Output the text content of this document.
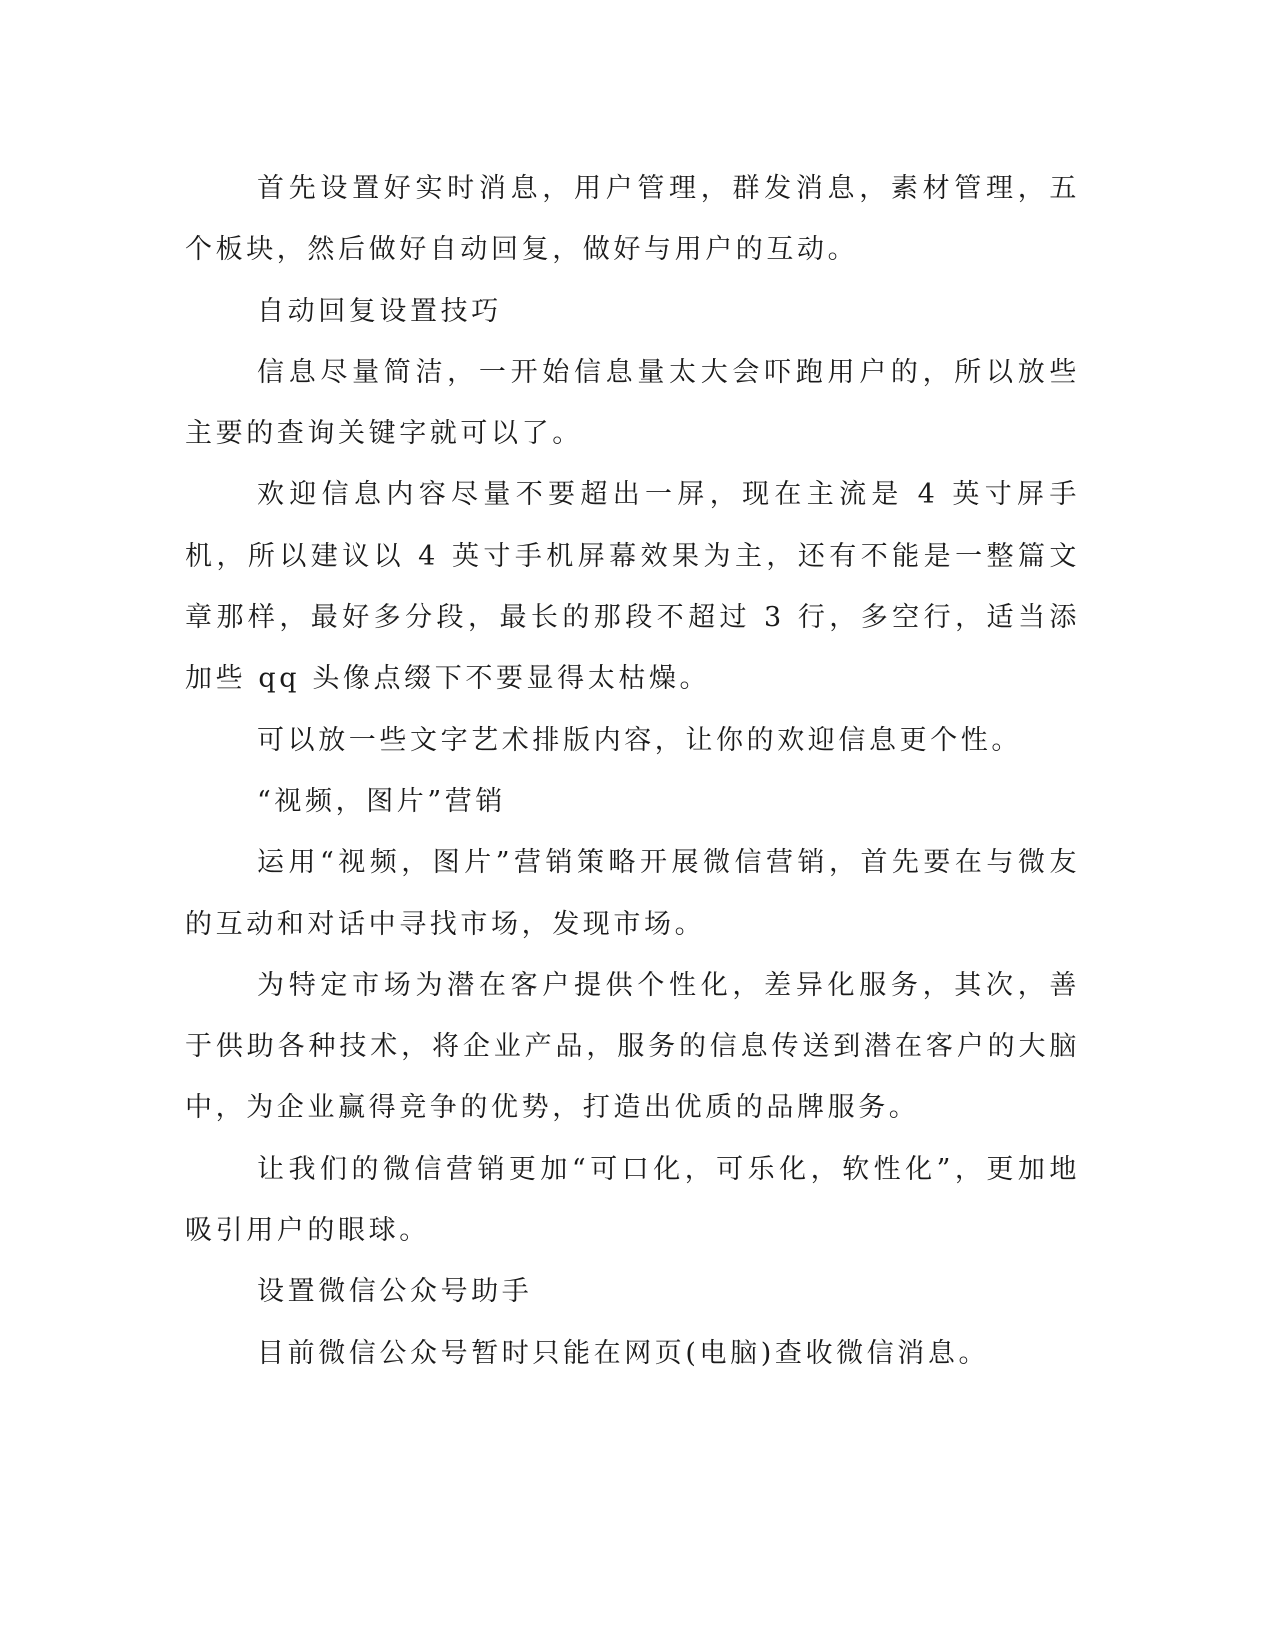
首先设置好实时消息，用户管理，群发消息，素材管理，五个板块，然后做好自动回复，做好与用户的互动。

自动回复设置技巧

信息尽量简洁，一开始信息量太大会吓跑用户的，所以放些主要的查询关键字就可以了。

欢迎信息内容尽量不要超出一屏，现在主流是 4 英寸屏手机，所以建议以 4 英寸手机屏幕效果为主，还有不能是一整篇文章那样，最好多分段，最长的那段不超过 3 行，多空行，适当添加些 qq 头像点缀下不要显得太枯燥。

可以放一些文字艺术排版内容，让你的欢迎信息更个性。

“视频，图片”营销

运用“视频，图片”营销策略开展微信营销，首先要在与微友的互动和对话中寻找市场，发现市场。

为特定市场为潜在客户提供个性化，差异化服务，其次，善于供助各种技术，将企业产品，服务的信息传送到潜在客户的大脑中，为企业赢得竞争的优势，打造出优质的品牌服务。

让我们的微信营销更加“可口化，可乐化，软性化”，更加地吸引用户的眼球。

设置微信公众号助手

目前微信公众号暂时只能在网页(电脑)查收微信消息。
